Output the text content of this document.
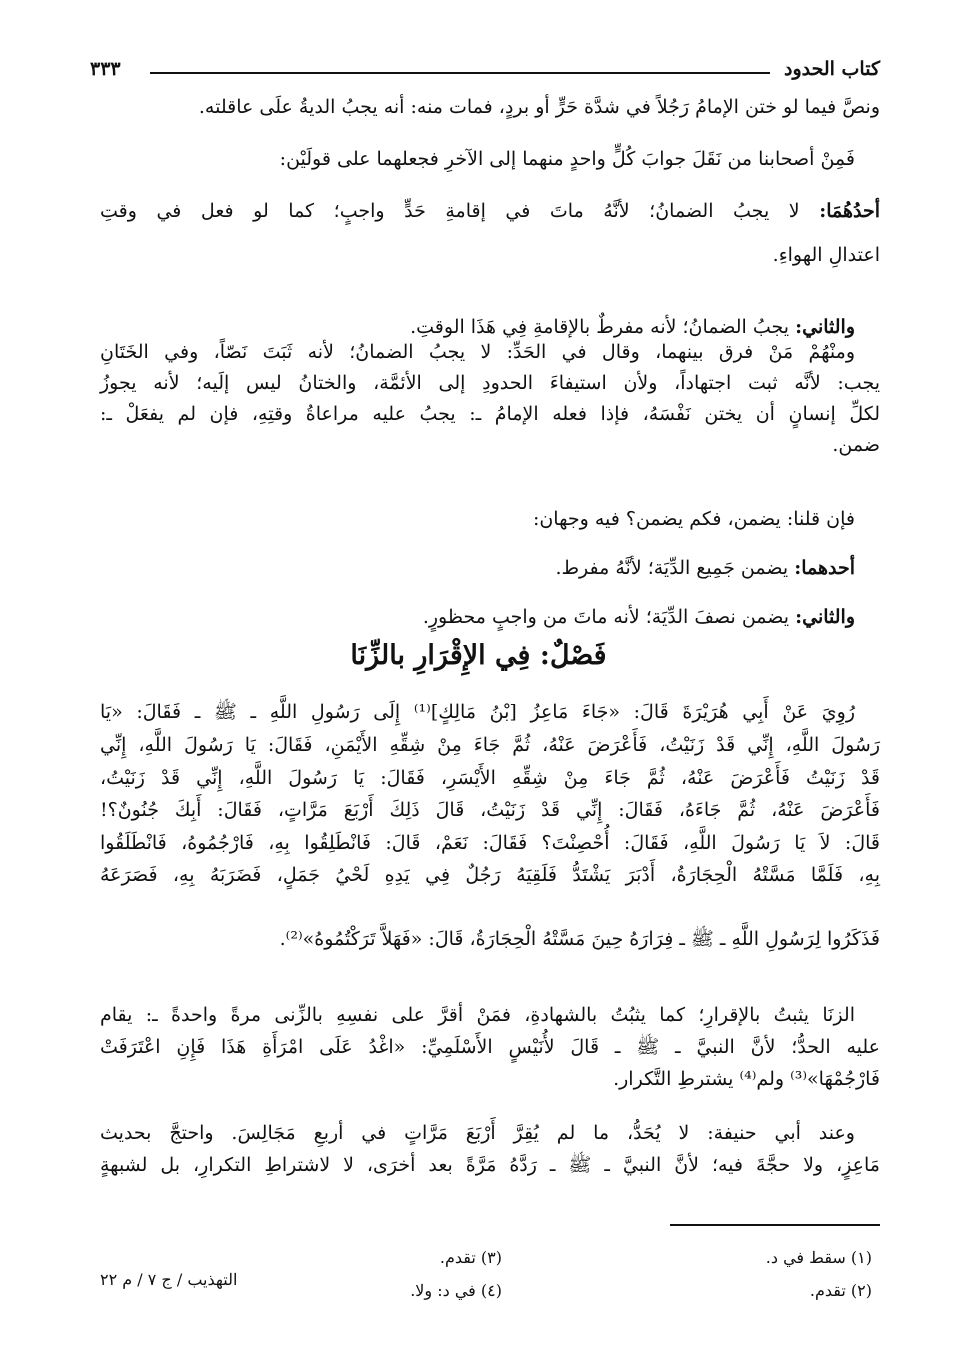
كتاب الحدود
٣٣٣
ونصَّ فيما لو ختن الإمامُ رَجُلاً في شدَّة حَرٍّ أو بردٍ، فمات منه: أنه يجبُ الديةُ علَى عاقلته.
فَمِنْ أصحابنا من نَقَلَ جوابَ كُلٍّ واحدٍ منهما إلى الآخرِ فجعلهما على قولَيْن:
أحدُهُمَا: لا يجبُ الضمانُ؛ لأنَّهُ ماتَ في إقامةِ حَدٍّ واجبٍ؛ كما لو فعل في وقتِ
اعتدالِ الهواءِ.
والثاني: يجبُ الضمانُ؛ لأنه مفرطٌ بالإقامةِ فِي هَذَا الوقتِ.
ومنْهُمْ مَنْ فرق بينهما، وقال في الحَدِّ: لا يجبُ الضمانُ؛ لأنه ثَبَتَ نَصّاً، وفي الخَتَانِ
يجب: لأنَّه ثبت اجتهاداً، ولأن استيفاءَ الحدودِ إلى الأئمَّة، والختانُ ليس إلَيه؛ لأنه يجوزُ
لكلِّ إنسانٍ أن يختن نَفْسَهُ، فإذا فعله الإمامُ ـ: يجبُ عليه مراعاةُ وقتِهِ، فإن لم يفعَلْ ـ:
ضمن.
فإن قلنا: يضمن، فكم يضمن؟ فيه وجهان:
أحدهما: يضمن جَمِيع الدِّيَة؛ لأنَّهُ مفرط.
والثاني: يضمن نصفَ الدِّيَة؛ لأنه ماتَ من واجبٍ محظورٍ.
فَصْلٌ: فِي الإِقْرَارِ بالزِّنَا
رُوِيَ عَنْ أَبِي هُرَيْرَةَ قَالَ: «جَاءَ مَاعِزُ [بْنُ مَالِكٍ]⁽¹⁾ إِلَى رَسُولِ اللَّهِ ـ ﷺ ـ فَقَالَ: «يَا
رَسُولَ اللَّهِ، إِنِّي قَدْ زَنَيْتُ، فَأَعْرَضَ عَنْهُ، ثُمَّ جَاءَ مِنْ شِقِّهِ الأَيْمَنِ، فَقَالَ: يَا رَسُولَ اللَّهِ، إِنِّي
قَدْ زَنَيْتُ فَأَعْرَضَ عَنْهُ، ثُمَّ جَاءَ مِنْ شِقِّهِ الأَيْسَرِ، فَقَالَ: يَا رَسُولَ اللَّهِ، إِنِّي قَدْ زَنَيْتُ،
فَأَعْرَضَ عَنْهُ، ثُمَّ جَاءَهُ، فَقَالَ: إِنِّي قَدْ زَنَيْتُ، قَالَ ذَلِكَ أَرْبَعَ مَرَّاتٍ، فَقَالَ: أَبِكَ جُنُونٌ؟!
قَالَ: لاَ يَا رَسُولَ اللَّهِ، فَقَالَ: أُحْصِنْتَ؟ فَقَالَ: نَعَمْ، قَالَ: فَانْطَلِقُوا بِهِ، فَارْجُمُوهُ، فَانْطَلَقُوا
بِهِ، فَلَمَّا مَسَّتْهُ الْحِجَارَةُ، أَدْبَرَ يَشْتَدُّ فَلَقِيَهُ رَجُلٌ فِي يَدِهِ لَحْيُ جَمَلٍ، فَضَرَبَهُ بِهِ، فَصَرَعَهُ
فَذَكَرُوا لِرَسُولِ اللَّهِ ـ ﷺ ـ فِرَارَهُ حِينَ مَسَّتْهُ الْحِجَارَةُ، قَالَ: «فَهَلاَّ تَرَكْتُمُوهُ»⁽²⁾.
الزنَا يثبتُ بالإقرارِ؛ كما يثبُتُ بالشهادةِ، فمَنْ أقرَّ على نفسِهِ بالزِّنى مرةً واحدةً ـ: يقام
عليه الحدُّ؛ لأنَّ النبيَّ ـ ﷺ ـ قَالَ لأُنَيْسٍ الأَسْلَمِيِّ: «اغْدُ عَلَى امْرَأَةِ هَذَا فَإِنِ اعْتَرَفَتْ
فَارْجُمْهَا»⁽³⁾ ولم⁽⁴⁾ يشترطِ التَّكرار.
وعند أبي حنيفة: لا يُحَدُّ، ما لم يُقِرَّ أَرْبَعَ مَرَّاتٍ في أربعِ مَجَالِسَ. واحتجَّ بحديث
مَاعِزٍ، ولا حجَّةَ فيه؛ لأنَّ النبيَّ ـ ﷺ ـ رَدَّهُ مَرَّةً بعد أخرَى، لا لاشتراطِ التكرارِ، بل لشبهةٍ
(١) سقط في د.
(٢) تقدم.
(٣) تقدم.
(٤) في د: ولا.
التهذيب / ج ٧ / م ٢٢
